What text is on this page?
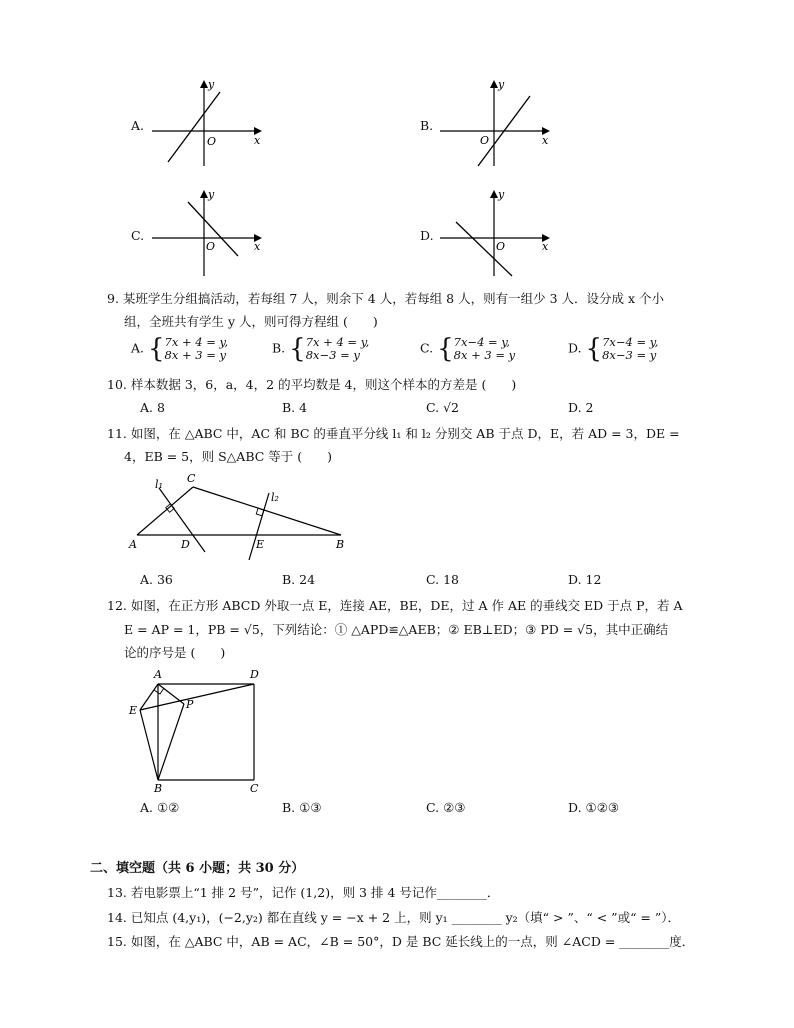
A.
y
x
O
B.
y
x
O
C.
y
x
O
D.
y
x
O
9. 某班学生分组搞活动，若每组 7 人，则余下 4 人，若每组 8 人，则有一组少 3 人．设分成 x 个小
组，全班共有学生 y 人，则可得方程组 (　　)
A. {7x + 4 = y,
8x + 3 = y	B. {7x + 4 = y,
8x−3 = y	C. {7x−4 = y,
8x + 3 = y	D. {7x−4 = y,
8x−3 = y
10. 样本数据 3，6，a，4，2 的平均数是 4，则这个样本的方差是 (　　)
A. 8	B. 4	C. √2	D. 2
11. 如图，在 △ABC 中，AC 和 BC 的垂直平分线 l₁ 和 l₂ 分别交 AB 于点 D，E，若 AD = 3，DE =
4，EB = 5，则 S△ABC 等于 (　　)
A	B
C
D	E
l₁
l₂
A. 36	B. 24	C. 18	D. 12
12. 如图，在正方形 ABCD 外取一点 E，连接 AE，BE，DE，过 A 作 AE 的垂线交 ED 于点 P，若 A
E = AP = 1，PB = √5，下列结论：① △APD≌△AEB；② EB⊥ED；③ PD = √5，其中正确结
论的序号是 (　　)
A	D
E	P
B	C
A. ①②	B. ①③	C. ②③	D. ①②③
二、填空题（共 6 小题；共 30 分）
13. 若电影票上“1 排 2 号”，记作 (1,2)，则 3 排 4 号记作________．
14. 已知点 (4,y₁)，(−2,y₂) 都在直线 y = −x + 2 上，则 y₁ ________ y₂（填“ > ”、“ < ”或“ = ”）．
15. 如图，在 △ABC 中，AB = AC，∠B = 50°，D 是 BC 延长线上的一点，则 ∠ACD = ________度．
